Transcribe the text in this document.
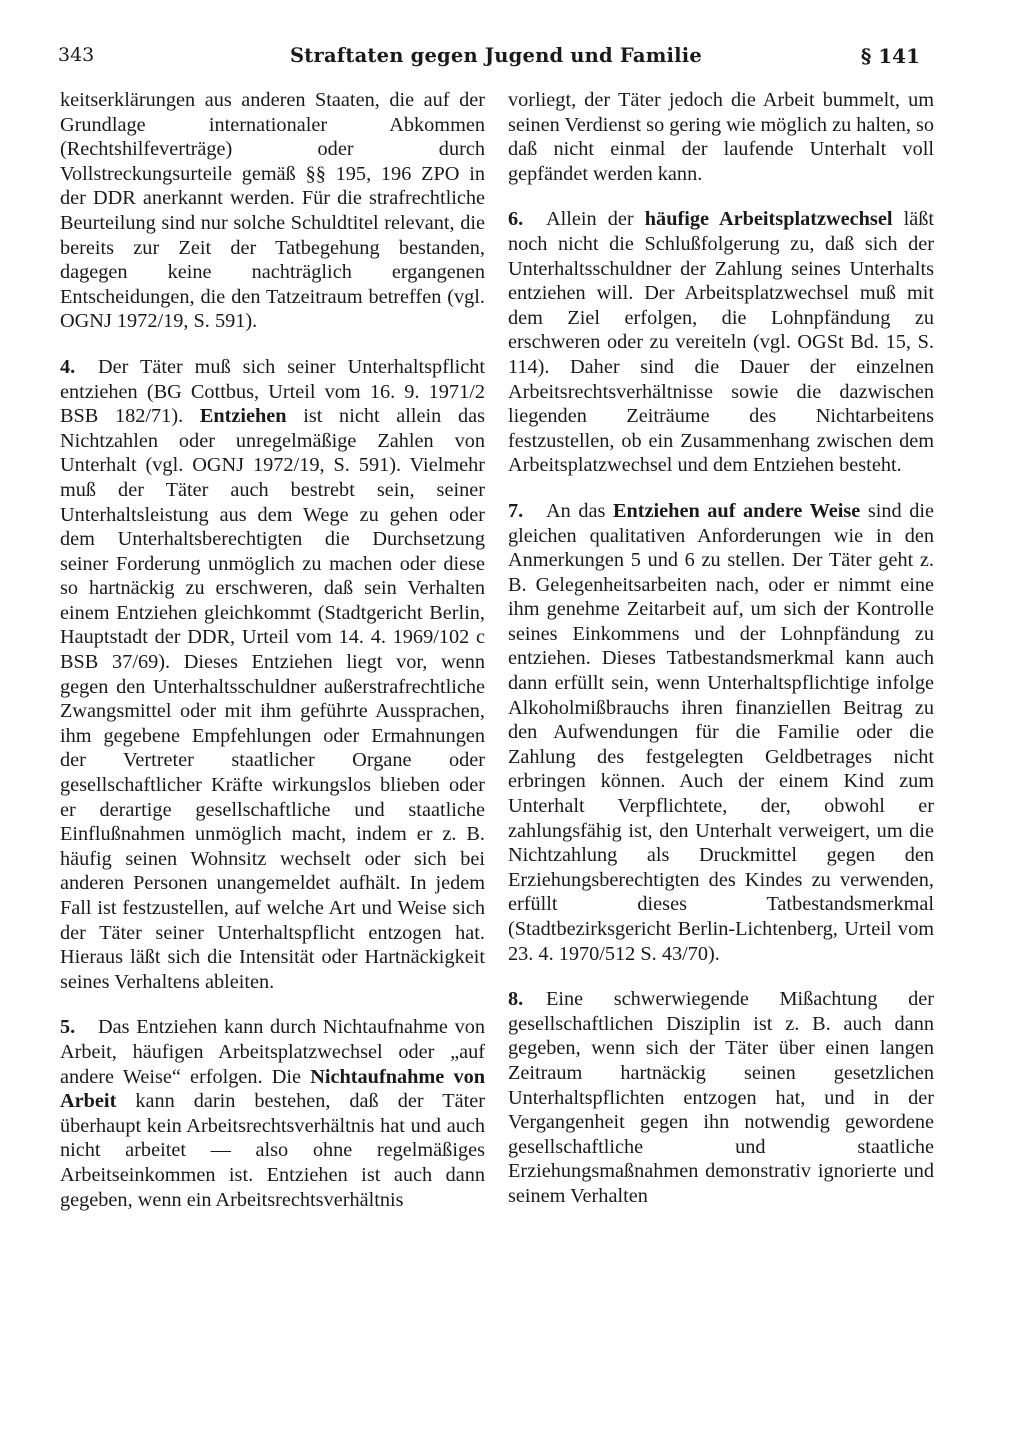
343	Straftaten gegen Jugend und Familie	§ 141

keitserklärungen aus anderen Staaten, die auf der Grundlage internationaler Abkommen (Rechtshilfeverträge) oder durch Vollstreckungsurteile gemäß §§ 195, 196 ZPO in der DDR anerkannt werden. Für die strafrechtliche Beurteilung sind nur solche Schuldtitel relevant, die bereits zur Zeit der Tatbegehung bestanden, dagegen keine nachträglich ergangenen Entscheidungen, die den Tatzeitraum betreffen (vgl. OGNJ 1972/19, S. 591).

4. Der Täter muß sich seiner Unterhaltspflicht entziehen (BG Cottbus, Urteil vom 16. 9. 1971/2 BSB 182/71). Entziehen ist nicht allein das Nichtzahlen oder unregelmäßige Zahlen von Unterhalt (vgl. OGNJ 1972/19, S. 591). Vielmehr muß der Täter auch bestrebt sein, seiner Unterhaltsleistung aus dem Wege zu gehen oder dem Unterhaltsberechtigten die Durchsetzung seiner Forderung unmöglich zu machen oder diese so hartnäckig zu erschweren, daß sein Verhalten einem Entziehen gleichkommt (Stadtgericht Berlin, Hauptstadt der DDR, Urteil vom 14. 4. 1969/102 c BSB 37/69). Dieses Entziehen liegt vor, wenn gegen den Unterhaltsschuldner außerstrafrechtliche Zwangsmittel oder mit ihm geführte Aussprachen, ihm gegebene Empfehlungen oder Ermahnungen der Vertreter staatlicher Organe oder gesellschaftlicher Kräfte wirkungslos blieben oder er derartige gesellschaftliche und staatliche Einflußnahmen unmöglich macht, indem er z. B. häufig seinen Wohnsitz wechselt oder sich bei anderen Personen unangemeldet aufhält. In jedem Fall ist festzustellen, auf welche Art und Weise sich der Täter seiner Unterhaltspflicht entzogen hat. Hieraus läßt sich die Intensität oder Hartnäckigkeit seines Verhaltens ableiten.

5. Das Entziehen kann durch Nichtaufnahme von Arbeit, häufigen Arbeitsplatzwechsel oder „auf andere Weise“ erfolgen. Die Nichtaufnahme von Arbeit kann darin bestehen, daß der Täter überhaupt kein Arbeitsrechtsverhältnis hat und auch nicht arbeitet — also ohne regelmäßiges Arbeitseinkommen ist. Entziehen ist auch dann gegeben, wenn ein Arbeitsrechtsverhältnis

vorliegt, der Täter jedoch die Arbeit bummelt, um seinen Verdienst so gering wie möglich zu halten, so daß nicht einmal der laufende Unterhalt voll gepfändet werden kann.

6. Allein der häufige Arbeitsplatzwechsel läßt noch nicht die Schlußfolgerung zu, daß sich der Unterhaltsschuldner der Zahlung seines Unterhalts entziehen will. Der Arbeitsplatzwechsel muß mit dem Ziel erfolgen, die Lohnpfändung zu erschweren oder zu vereiteln (vgl. OGSt Bd. 15, S. 114). Daher sind die Dauer der einzelnen Arbeitsrechtsverhältnisse sowie die dazwischen liegenden Zeiträume des Nichtarbeitens festzustellen, ob ein Zusammenhang zwischen dem Arbeitsplatzwechsel und dem Entziehen besteht.

7. An das Entziehen auf andere Weise sind die gleichen qualitativen Anforderungen wie in den Anmerkungen 5 und 6 zu stellen. Der Täter geht z. B. Gelegenheitsarbeiten nach, oder er nimmt eine ihm genehme Zeitarbeit auf, um sich der Kontrolle seines Einkommens und der Lohnpfändung zu entziehen. Dieses Tatbestandsmerkmal kann auch dann erfüllt sein, wenn Unterhaltspflichtige infolge Alkoholmißbrauchs ihren finanziellen Beitrag zu den Aufwendungen für die Familie oder die Zahlung des festgelegten Geldbetrages nicht erbringen können. Auch der einem Kind zum Unterhalt Verpflichtete, der, obwohl er zahlungsfähig ist, den Unterhalt verweigert, um die Nichtzahlung als Druckmittel gegen den Erziehungsberechtigten des Kindes zu verwenden, erfüllt dieses Tatbestandsmerkmal (Stadtbezirksgericht Berlin-Lichtenberg, Urteil vom 23. 4. 1970/512 S. 43/70).

8. Eine schwerwiegende Mißachtung der gesellschaftlichen Disziplin ist z. B. auch dann gegeben, wenn sich der Täter über einen langen Zeitraum hartnäckig seinen gesetzlichen Unterhaltspflichten entzogen hat, und in der Vergangenheit gegen ihn notwendig gewordene gesellschaftliche und staatliche Erziehungsmaßnahmen demonstrativ ignorierte und seinem Verhalten
